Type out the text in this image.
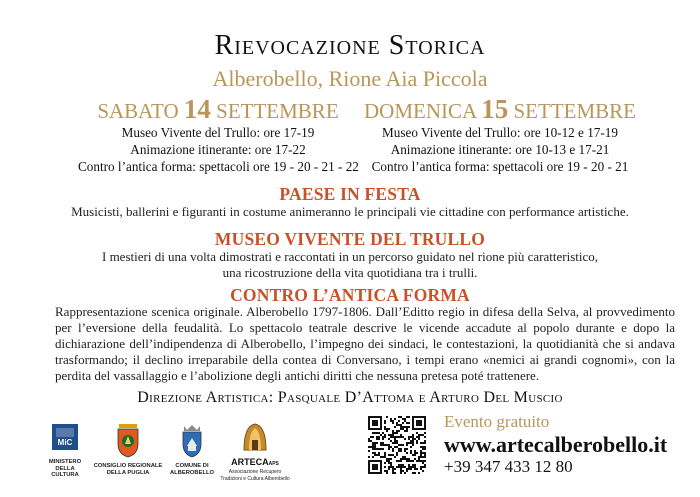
Rievocazione Storica
Alberobello, Rione Aia Piccola
SABATO 14 SETTEMBRE
Museo Vivente del Trullo: ore 17-19
Animazione itinerante: ore 17-22
Contro l’antica forma: spettacoli ore 19 - 20 - 21 - 22
DOMENICA 15 SETTEMBRE
Museo Vivente del Trullo: ore 10-12 e 17-19
Animazione itinerante: ore 10-13 e 17-21
Contro l’antica forma: spettacoli ore 19 - 20 - 21
PAESE IN FESTA
Musicisti, ballerini e figuranti in costume animeranno le principali vie cittadine con performance artistiche.
MUSEO VIVENTE DEL TRULLO
I mestieri di una volta dimostrati e raccontati in un percorso guidato nel rione più caratteristico,
una ricostruzione della vita quotidiana tra i trulli.
CONTRO L’ANTICA FORMA
Rappresentazione scenica originale. Alberobello 1797-1806. Dall’Editto regio in difesa della Selva, al provvedimento per l’eversione della feudalità. Lo spettacolo teatrale descrive le vicende accadute al popolo durante e dopo la dichiarazione dell’indipendenza di Alberobello, l’impegno dei sindaci, le contestazioni, la quotidianità che si andava trasformando; il declino irreparabile della contea di Conversano, i tempi erano «nemici ai grandi cognomi», con la perdita del vassallaggio e l’abolizione degli antichi diritti che nessuna pretesa poté trattenere.
Direzione Artistica: Pasquale D’Attoma e Arturo Del Muscio
MiC
MINISTERO
DELLA
CULTURA
CONSIGLIO REGIONALE
DELLA PUGLIA
COMUNE DI
ALBEROBELLO
ARTECAAPS
Associazione Recupero
Tradizioni e Cultura Alberobello
Evento gratuito
www.artecalberobello.it
+39 347 433 12 80
